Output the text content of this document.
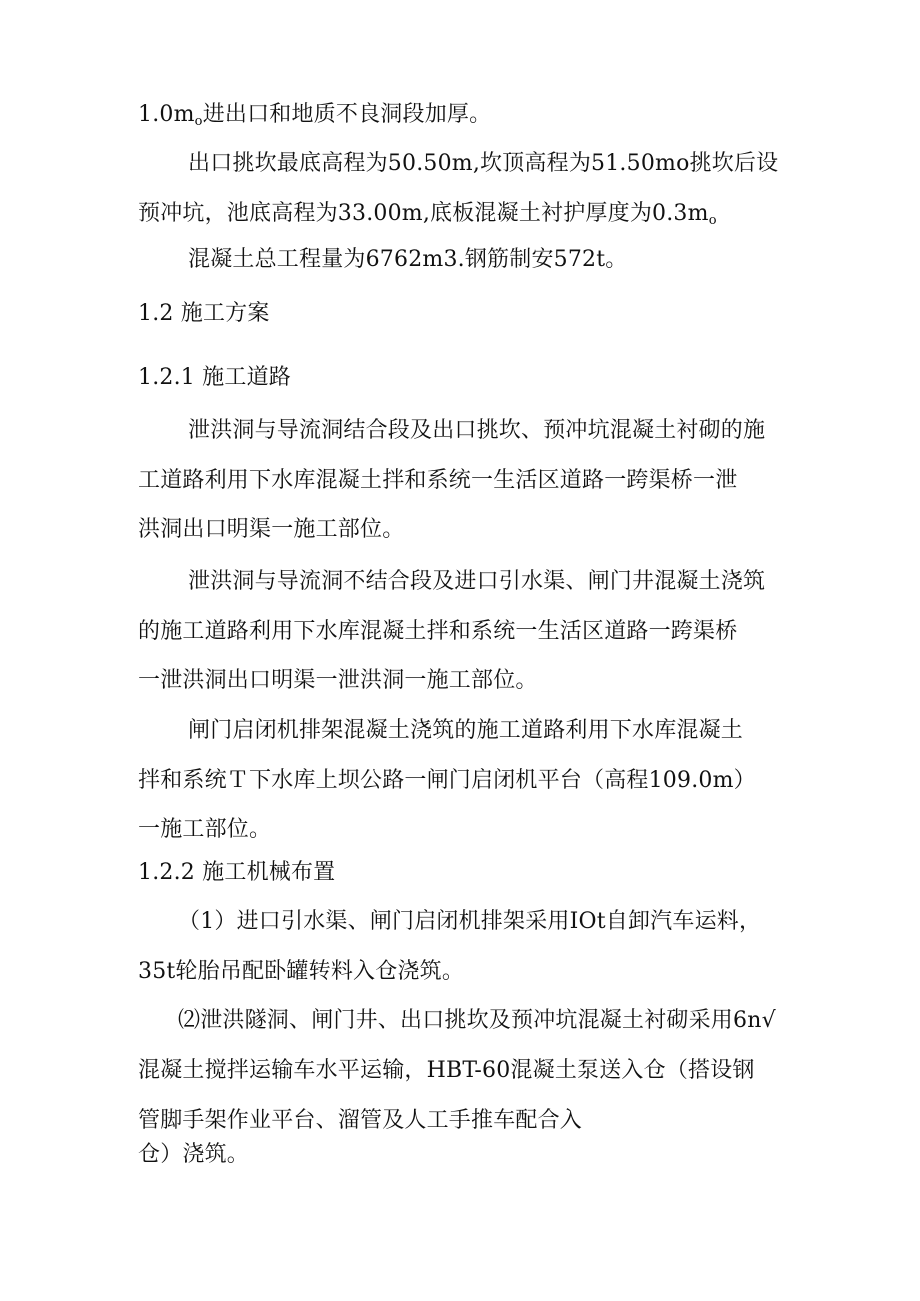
$1.0m_o$进出口和地质不良洞段加厚。
出口挑坎最底高程为50.50m,坎顶高程为51.50mo挑坎后设
预冲坑，池底高程为33.00m,底板混凝土衬护厚度为$0.3m_o$
混凝土总工程量为6762m3.钢筋制安572t。
1.2 施工方案
1.2.1 施工道路
泄洪洞与导流洞结合段及出口挑坎、预冲坑混凝土衬砌的施
工道路利用下水库混凝土拌和系统一生活区道路一跨渠桥一泄
洪洞出口明渠一施工部位。
泄洪洞与导流洞不结合段及进口引水渠、闸门井混凝土浇筑
的施工道路利用下水库混凝土拌和系统一生活区道路一跨渠桥
一泄洪洞出口明渠一泄洪洞一施工部位。
闸门启闭机排架混凝土浇筑的施工道路利用下水库混凝土
拌和系统Ｔ下水库上坝公路一闸门启闭机平台（高程109.0m）
一施工部位。
1.2.2 施工机械布置
（1）进口引水渠、闸门启闭机排架采用IOt自卸汽车运料，
35t轮胎吊配卧罐转料入仓浇筑。
⑵泄洪隧洞、闸门井、出口挑坎及预冲坑混凝土衬砌采用6n√
混凝土搅拌运输车水平运输，HBT-60混凝土泵送入仓（搭设钢
管脚手架作业平台、溜管及人工手推车配合入
仓）浇筑。
